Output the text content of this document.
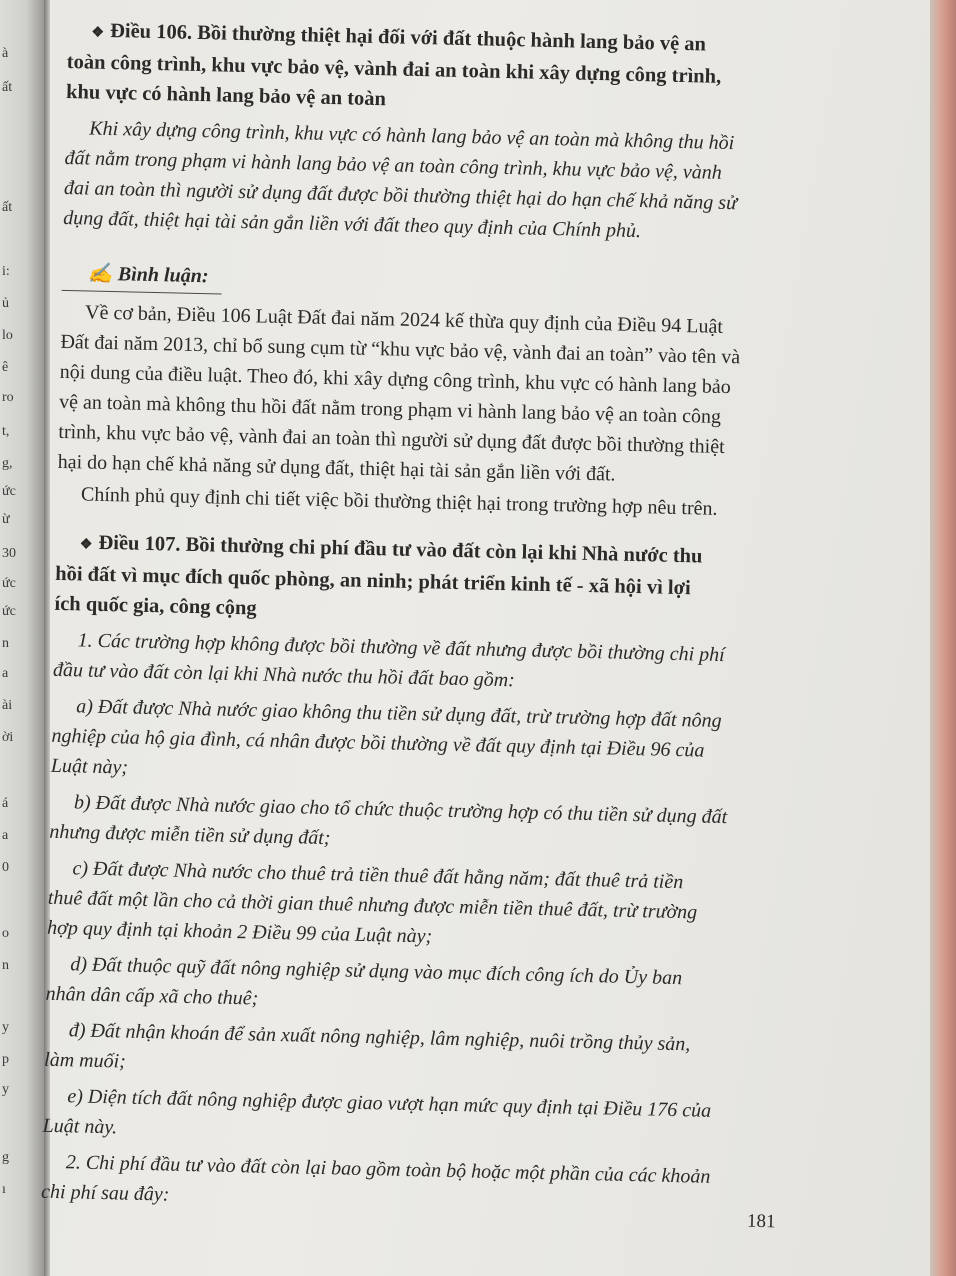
à
ất
ất
i:
ủ
lo
ê
ro
t,
g,
ức
ừ
30
ức
ức
n
a
ài
ời
á
a
0
o
n
y
p
y
g
ı
❖ Điều 106. Bồi thường thiệt hại đối với đất thuộc hành lang bảo vệ an
toàn công trình, khu vực bảo vệ, vành đai an toàn khi xây dựng công trình,
khu vực có hành lang bảo vệ an toàn
Khi xây dựng công trình, khu vực có hành lang bảo vệ an toàn mà không thu hồi
đất nằm trong phạm vi hành lang bảo vệ an toàn công trình, khu vực bảo vệ, vành
đai an toàn thì người sử dụng đất được bồi thường thiệt hại do hạn chế khả năng sử
dụng đất, thiệt hại tài sản gắn liền với đất theo quy định của Chính phủ.
✍ Bình luận:
Về cơ bản, Điều 106 Luật Đất đai năm 2024 kế thừa quy định của Điều 94 Luật
Đất đai năm 2013, chỉ bổ sung cụm từ “khu vực bảo vệ, vành đai an toàn” vào tên và
nội dung của điều luật. Theo đó, khi xây dựng công trình, khu vực có hành lang bảo
vệ an toàn mà không thu hồi đất nằm trong phạm vi hành lang bảo vệ an toàn công
trình, khu vực bảo vệ, vành đai an toàn thì người sử dụng đất được bồi thường thiệt
hại do hạn chế khả năng sử dụng đất, thiệt hại tài sản gắn liền với đất.
Chính phủ quy định chi tiết việc bồi thường thiệt hại trong trường hợp nêu trên.
❖ Điều 107. Bồi thường chi phí đầu tư vào đất còn lại khi Nhà nước thu
hồi đất vì mục đích quốc phòng, an ninh; phát triển kinh tế - xã hội vì lợi
ích quốc gia, công cộng
1. Các trường hợp không được bồi thường về đất nhưng được bồi thường chi phí
đầu tư vào đất còn lại khi Nhà nước thu hồi đất bao gồm:
a) Đất được Nhà nước giao không thu tiền sử dụng đất, trừ trường hợp đất nông
nghiệp của hộ gia đình, cá nhân được bồi thường về đất quy định tại Điều 96 của
Luật này;
b) Đất được Nhà nước giao cho tổ chức thuộc trường hợp có thu tiền sử dụng đất
nhưng được miễn tiền sử dụng đất;
c) Đất được Nhà nước cho thuê trả tiền thuê đất hằng năm; đất thuê trả tiền
thuê đất một lần cho cả thời gian thuê nhưng được miễn tiền thuê đất, trừ trường
hợp quy định tại khoản 2 Điều 99 của Luật này;
d) Đất thuộc quỹ đất nông nghiệp sử dụng vào mục đích công ích do Ủy ban
nhân dân cấp xã cho thuê;
đ) Đất nhận khoán để sản xuất nông nghiệp, lâm nghiệp, nuôi trồng thủy sản,
làm muối;
e) Diện tích đất nông nghiệp được giao vượt hạn mức quy định tại Điều 176 của
Luật này.
2. Chi phí đầu tư vào đất còn lại bao gồm toàn bộ hoặc một phần của các khoản
chi phí sau đây:
181
